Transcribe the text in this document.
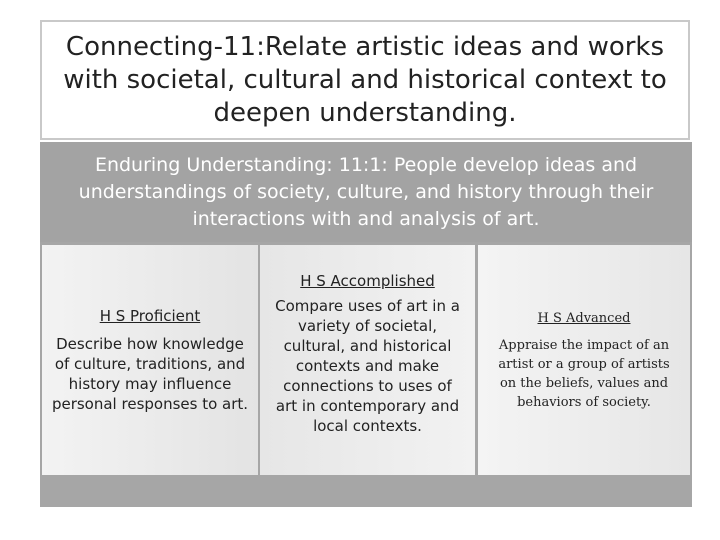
Connecting-11:Relate artistic ideas and works
with societal, cultural and historical context to
deepen understanding.
Enduring Understanding: 11:1: People develop ideas and
understandings of society, culture, and history through their
interactions with and analysis of art.
H S Proficient
Describe how knowledge
of culture, traditions, and
history may influence
personal responses to art.
H S Accomplished
Compare uses of art in a
variety of societal,
cultural, and historical
contexts and make
connections to uses of
art in contemporary and
local contexts.
H S Advanced
Appraise the impact of an
artist or a group of artists
on the beliefs, values and
behaviors of society.
